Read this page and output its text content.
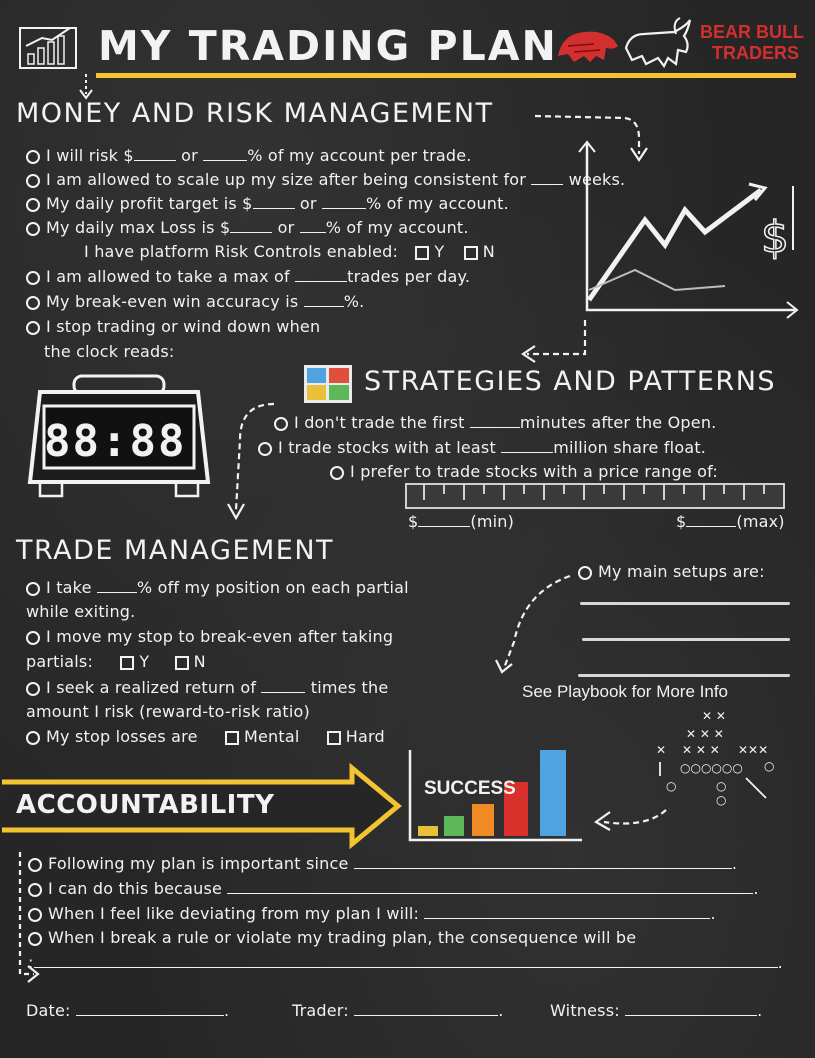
MY TRADING PLAN	BEAR BULL
TRADERS
MONEY AND RISK MANAGEMENT
I will risk $	or	% of my account per trade.
I am allowed to scale up my size after being consistent for	weeks.
My daily profit target is $	or	% of my account.
My daily max Loss is $	or % of my account.
I have platform Risk Controls enabled: Y N
I am allowed to take a max of	trades per day.
My break-even win accuracy is	%.
I stop trading or wind down when
the clock reads:
$
88:88
STRATEGIES AND PATTERNS
I don't trade the first	minutes after the Open.
I trade stocks with at least	million share float.
I prefer to trade stocks with a price range of:
$	(min)	$	(max)
TRADE MANAGEMENT
I take	% off my position on each partial
while exiting.
I move my stop to break-even after taking
partials:	Y	N
I seek a realized return of	times the
amount I risk (reward-to-risk ratio)
My stop losses are	Mental	Hard
My main setups are:
See Playbook for More Info
✕ ✕
✕ ✕ ✕
✕ ✕ ✕ ✕ ✕✕✕
○○○○○○
○	○
○
○
ACCOUNTABILITY
SUCCESS
Following my plan is important since	.
I can do this because	.
When I feel like deviating from my plan I will:	.
When I break a rule or violate my trading plan, the consequence will be
:	.
Date:	.	Trader:	.	Witness:	.
